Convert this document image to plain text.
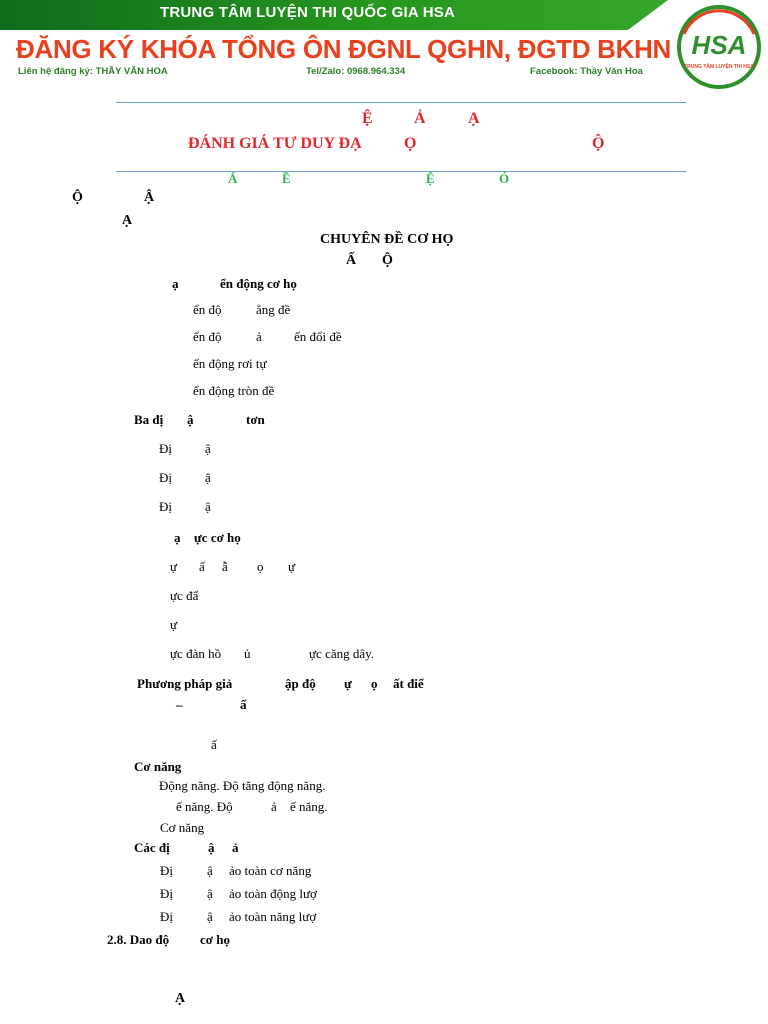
TRUNG TÂM LUYỆN THI QUỐC GIA HSA
ĐĂNG KÝ KHÓA TỔNG ÔN ĐGNL QGHN, ĐGTD BKHN
Liên hệ đăng ký: THẦY VĂN HOA	Tel/Zalo: 0968.964.334	Facebook: Thầy Văn Hoa
HSA
TRUNG TÂM LUYỆN THI HSA
Ệ	Ả	Ạ
ĐÁNH GIÁ TƯ DUY ĐẠ	Ọ	Ộ
Á	Ề	Ệ	Ó
Ộ	Ậ
Ạ
CHUYÊN ĐỀ CƠ HỌ
Ấ Ộ
ạ	ển động cơ họ
ển độ	ẳng đề
ển độ	ả ến đổi đề
ển động rơi tự
ển động tròn đề
Ba đị ậ	tơn
Đị	ậ
Đị	ậ
Đị	ậ
ạ ực cơ họ
ự ấ ẫ ọ ự
ực đẩ
ự
ực đàn hồ ủ	ực căng dây.
Phương pháp giả	ập độ ự ọ ất điể
–	ấ
ấ
Cơ năng
Động năng. Độ tăng động năng.
ế năng. Độ	ả ế năng.
Cơ năng
Các đị	ậ ả
Đị	ậ ảo toàn cơ năng
Đị	ậ ảo toàn động lượ
Đị	ậ ảo toàn năng lượ
2.8. Dao độ cơ họ
Ạ
